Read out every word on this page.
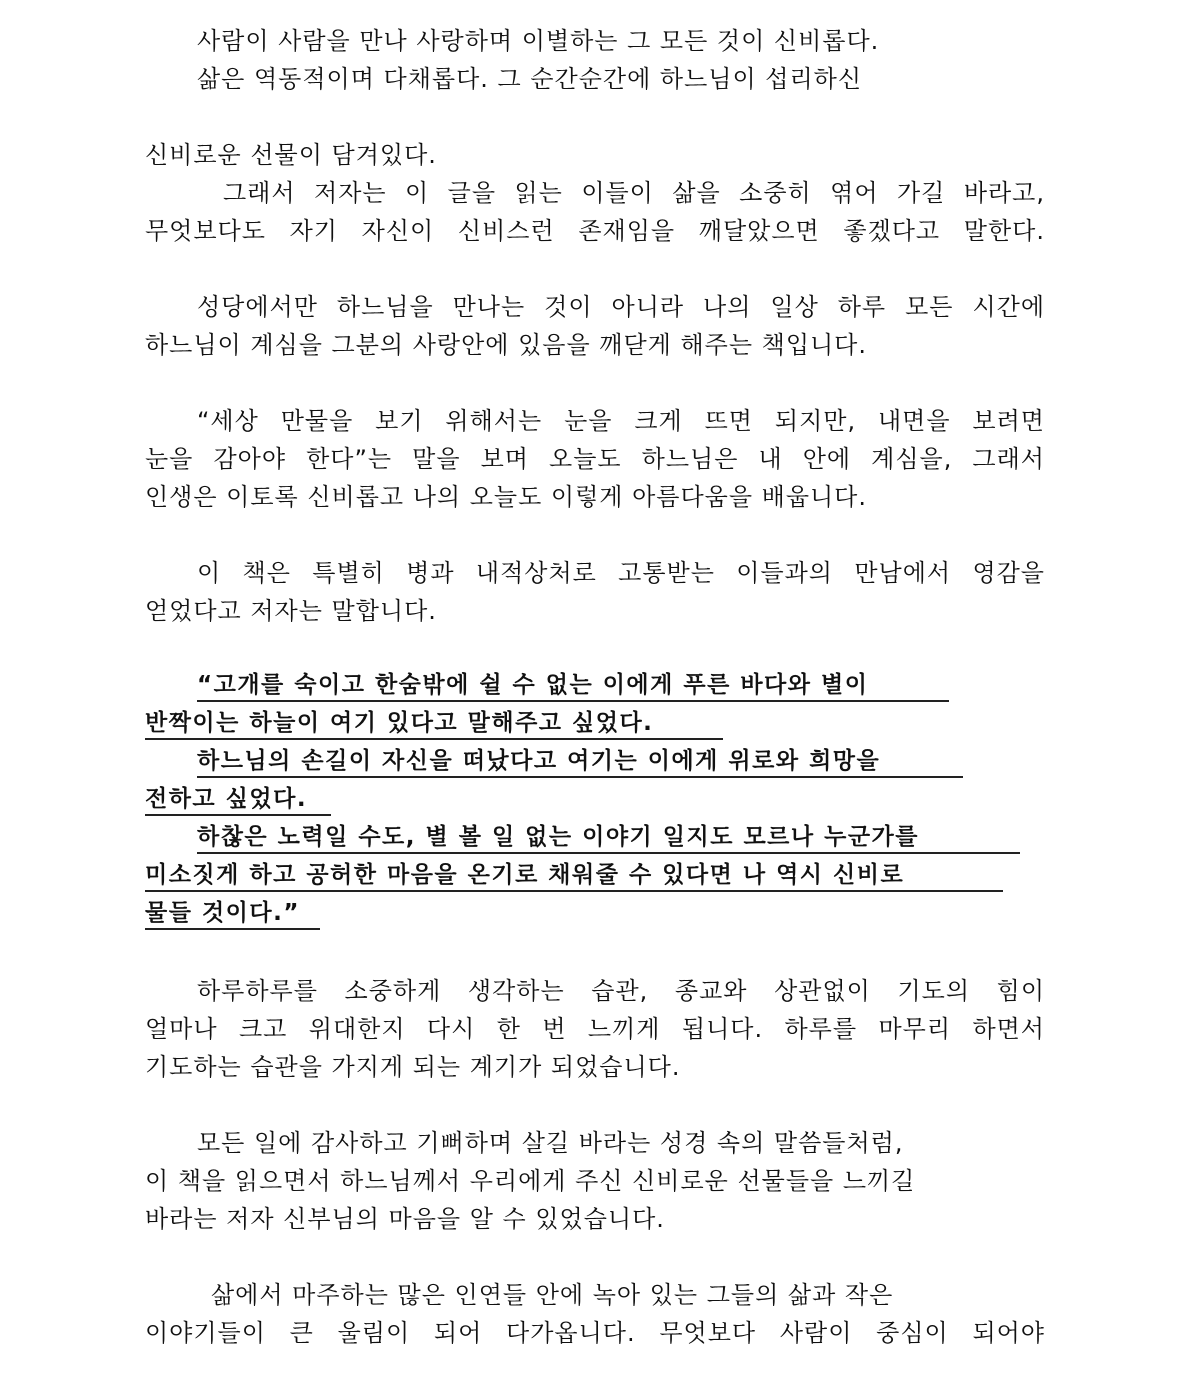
사람이 사람을 만나 사랑하며 이별하는 그 모든 것이 신비롭다.
삶은 역동적이며 다채롭다. 그 순간순간에 하느님이 섭리하신
신비로운 선물이 담겨있다.
그래서 저자는 이 글을 읽는 이들이 삶을 소중히 엮어 가길 바라고,
무엇보다도 자기 자신이 신비스런 존재임을 깨달았으면 좋겠다고 말한다.
성당에서만 하느님을 만나는 것이 아니라 나의 일상 하루 모든 시간에
하느님이 계심을 그분의 사랑안에 있음을 깨닫게 해주는 책입니다.
“세상 만물을 보기 위해서는 눈을 크게 뜨면 되지만, 내면을 보려면
눈을 감아야 한다”는 말을 보며 오늘도 하느님은 내 안에 계심을, 그래서
인생은 이토록 신비롭고 나의 오늘도 이렇게 아름다움을 배웁니다.
이 책은 특별히 병과 내적상처로 고통받는 이들과의 만남에서 영감을
얻었다고 저자는 말합니다.
“고개를 숙이고 한숨밖에 쉴 수 없는 이에게 푸른 바다와 별이
반짝이는 하늘이 여기 있다고 말해주고 싶었다.
하느님의 손길이 자신을 떠났다고 여기는 이에게 위로와 희망을
전하고 싶었다.
하찮은 노력일 수도, 별 볼 일 없는 이야기 일지도 모르나 누군가를
미소짓게 하고 공허한 마음을 온기로 채워줄 수 있다면 나 역시 신비로
물들 것이다.”
하루하루를 소중하게 생각하는 습관, 종교와 상관없이 기도의 힘이
얼마나 크고 위대한지 다시 한 번 느끼게 됩니다. 하루를 마무리 하면서
기도하는 습관을 가지게 되는 계기가 되었습니다.
모든 일에 감사하고 기뻐하며 살길 바라는 성경 속의 말씀들처럼,
이 책을 읽으면서 하느님께서 우리에게 주신 신비로운 선물들을 느끼길
바라는 저자 신부님의 마음을 알 수 있었습니다.
삶에서 마주하는 많은 인연들 안에 녹아 있는 그들의 삶과 작은
이야기들이 큰 울림이 되어 다가옵니다. 무엇보다 사람이 중심이 되어야
